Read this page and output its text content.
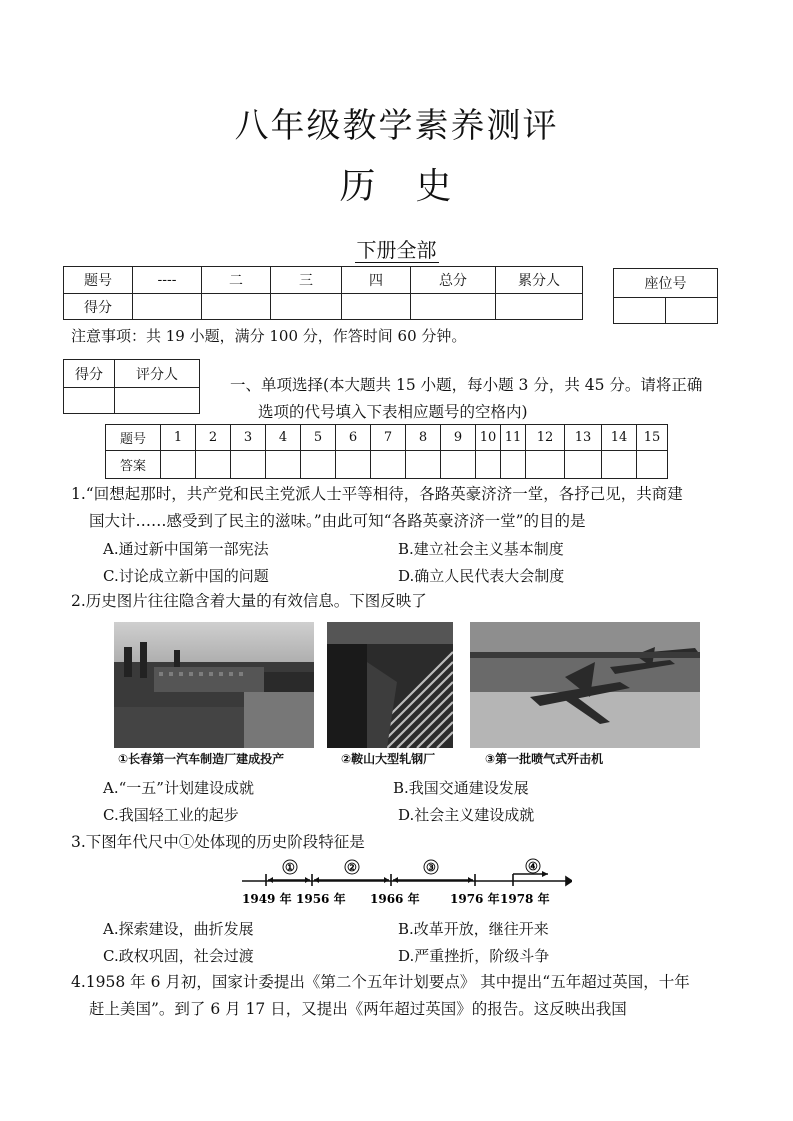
八年级教学素养测评
历　史
下册全部
题号	----	二	三	四	总分	累分人
得分						
座位号

注意事项：共 19 小题，满分 100 分，作答时间 60 分钟。
得分	评分人

一、单项选择(本大题共 15 小题，每小题 3 分，共 45 分。请将正确
选项的代号填入下表相应题号的空格内)
题号	1	2	3	4	5	6	7	8	9	10	11	12	13	14	15
答案															
1.“回想起那时，共产党和民主党派人士平等相待，各路英豪济济一堂，各抒己见，共商建
国大计……感受到了民主的滋味。”由此可知“各路英豪济济一堂”的目的是
A.通过新中国第一部宪法	B.建立社会主义基本制度
C.讨论成立新中国的问题	D.确立人民代表大会制度
2.历史图片往往隐含着大量的有效信息。下图反映了
①长春第一汽车制造厂建成投产	②鞍山大型轧钢厂	③第一批喷气式歼击机
A.“一五”计划建设成就	B.我国交通建设发展
C.我国轻工业的起步	D.社会主义建设成就
3.下图年代尺中①处体现的历史阶段特征是
①	②	③	④
1949 年 1956 年 1966 年	1976 年 1978 年
A.探索建设，曲折发展	B.改革开放，继往开来
C.政权巩固，社会过渡	D.严重挫折，阶级斗争
4.1958 年 6 月初，国家计委提出《第二个五年计划要点》 其中提出“五年超过英国，十年
赶上美国”。到了 6 月 17 日，又提出《两年超过英国》的报告。这反映出我国
